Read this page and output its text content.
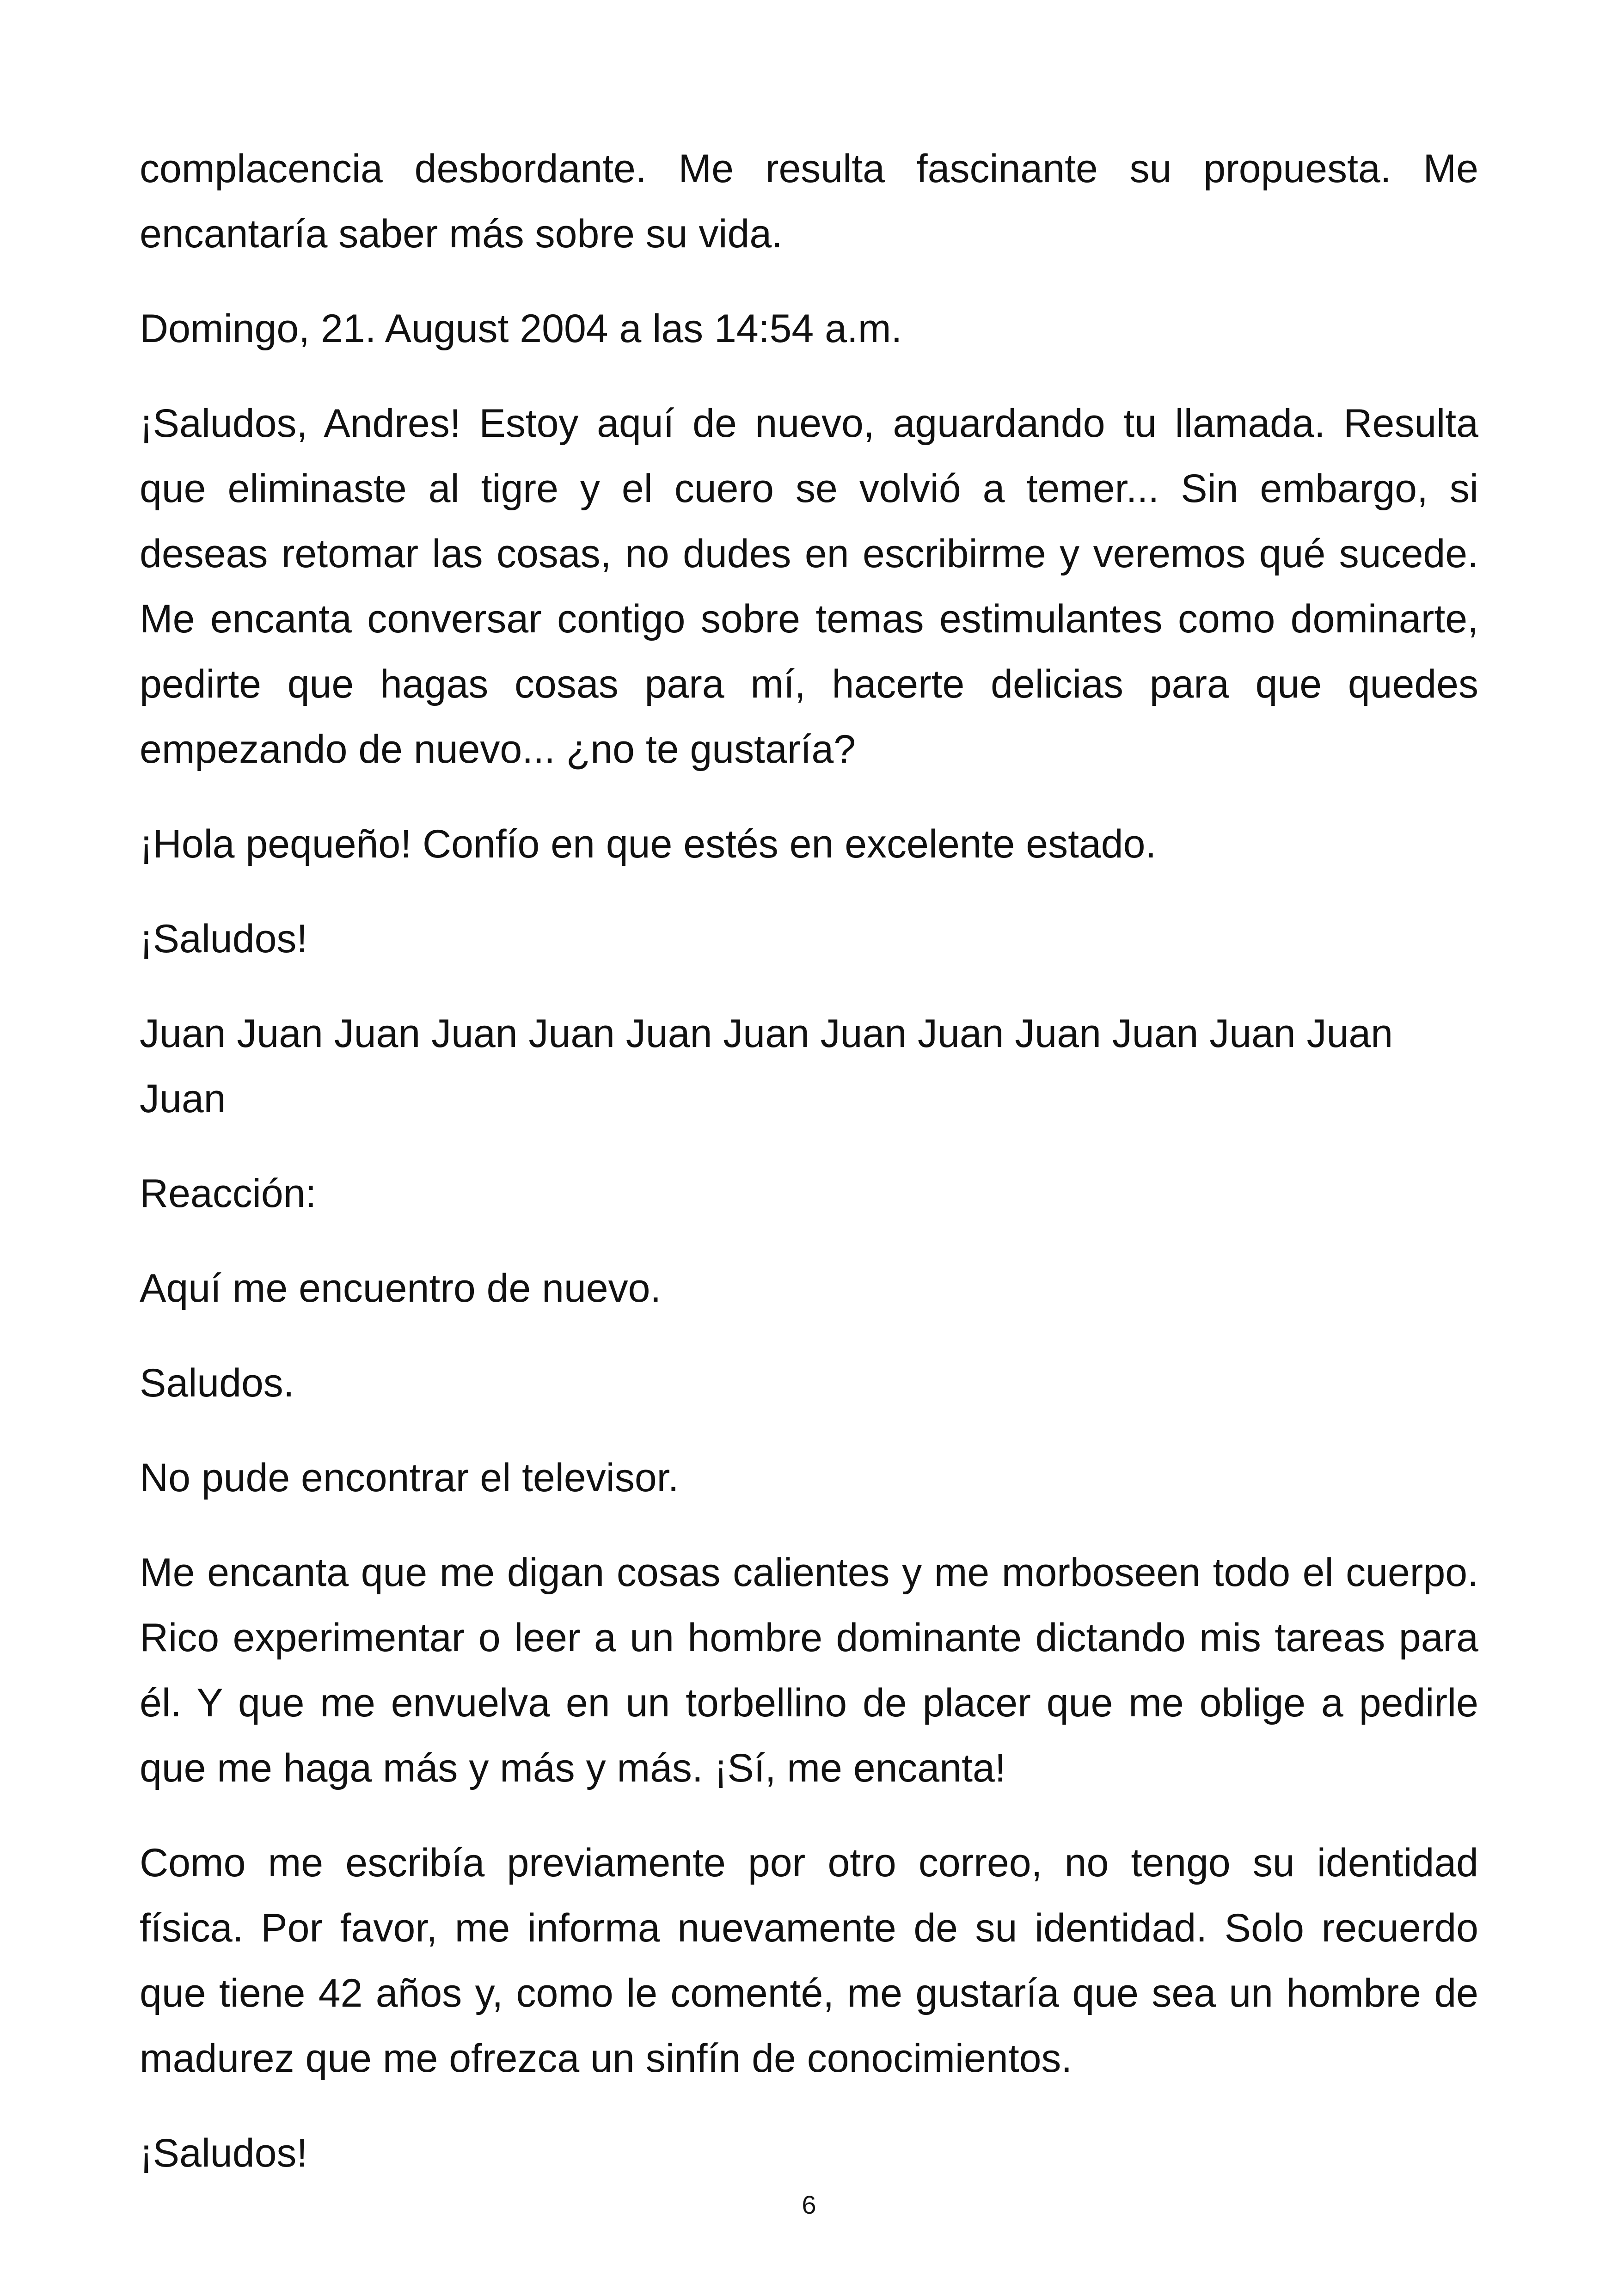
complacencia desbordante. Me resulta fascinante su propuesta. Me encantaría saber más sobre su vida.

Domingo, 21. August 2004 a las 14:54 a.m.

¡Saludos, Andres! Estoy aquí de nuevo, aguardando tu llamada. Resulta que eliminaste al tigre y el cuero se volvió a temer... Sin embargo, si deseas retomar las cosas, no dudes en escribirme y veremos qué sucede. Me encanta conversar contigo sobre temas estimulantes como dominarte, pedirte que hagas cosas para mí, hacerte delicias para que quedes empezando de nuevo... ¿no te gustaría?

¡Hola pequeño! Confío en que estés en excelente estado.

¡Saludos!

Juan Juan Juan Juan Juan Juan Juan Juan Juan Juan Juan Juan Juan Juan

Reacción:

Aquí me encuentro de nuevo.

Saludos.

No pude encontrar el televisor.

Me encanta que me digan cosas calientes y me morboseen todo el cuerpo. Rico experimentar o leer a un hombre dominante dictando mis tareas para él. Y que me envuelva en un torbellino de placer que me oblige a pedirle que me haga más y más y más. ¡Sí, me encanta!

Como me escribía previamente por otro correo, no tengo su identidad física. Por favor, me informa nuevamente de su identidad. Solo recuerdo que tiene 42 años y, como le comenté, me gustaría que sea un hombre de madurez que me ofrezca un sinfín de conocimientos.

¡Saludos!

6
